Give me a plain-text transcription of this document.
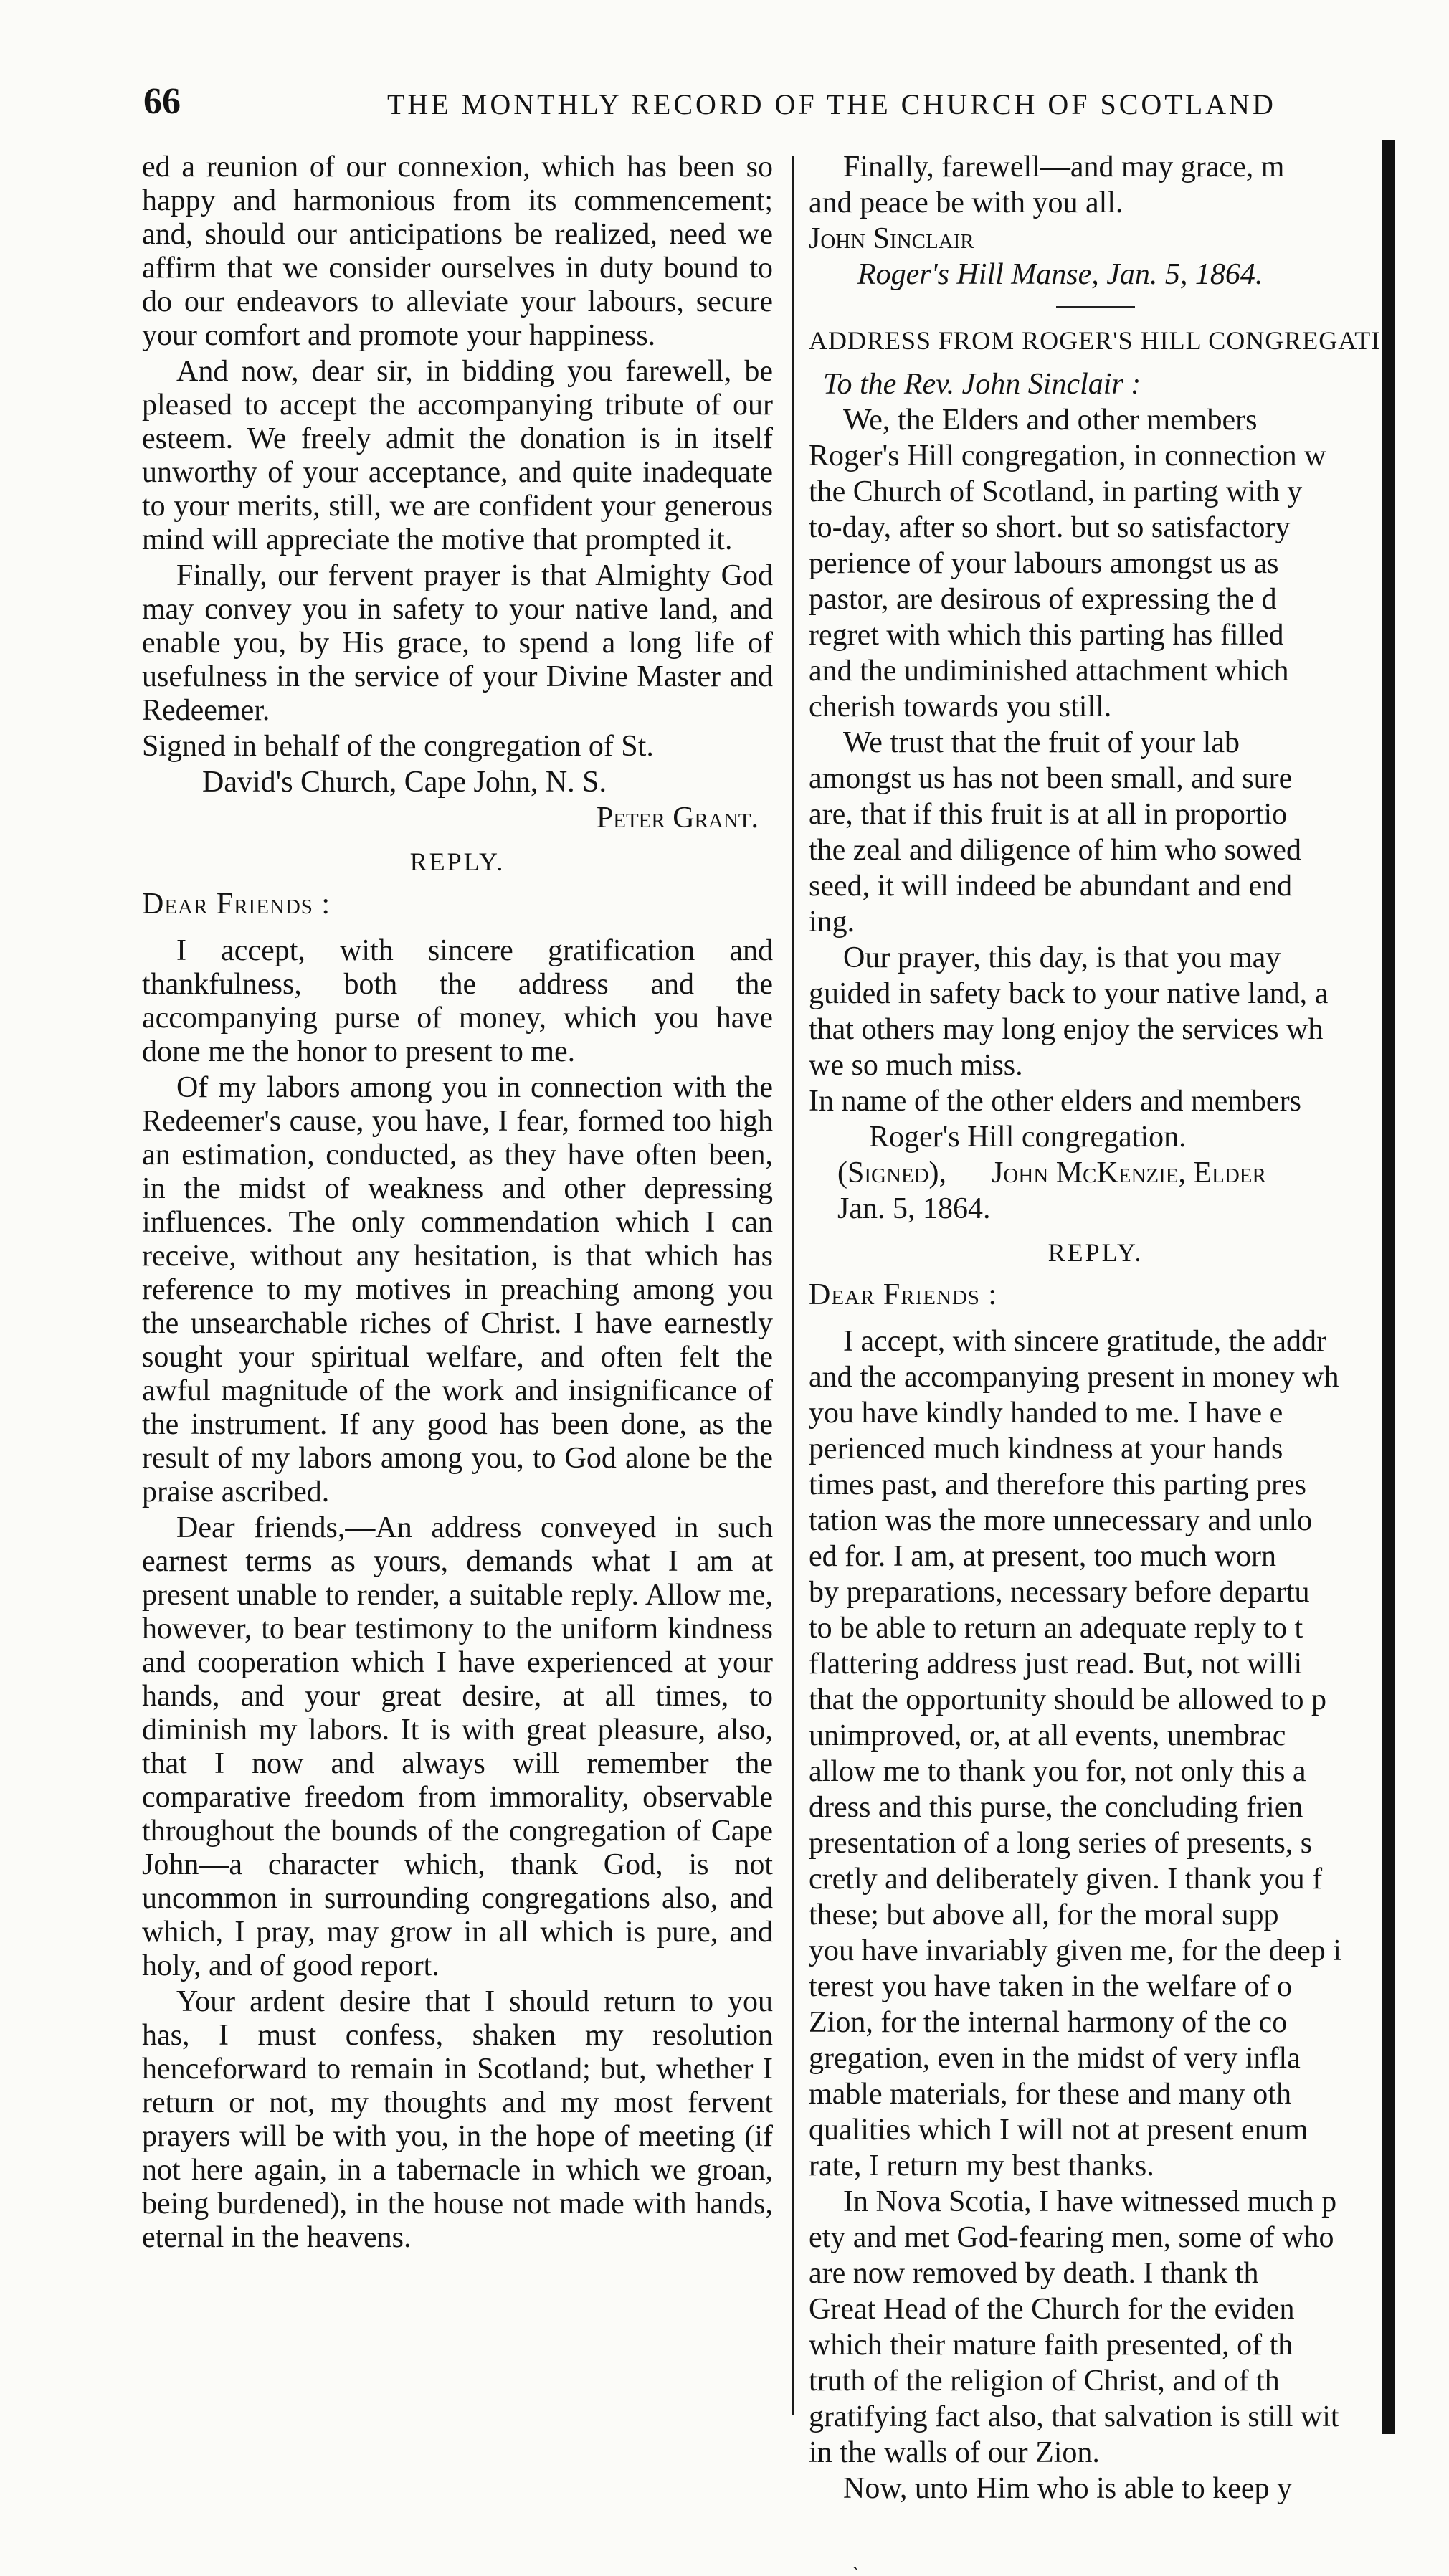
66	THE MONTHLY RECORD OF THE CHURCH OF SCOTLAND

ed a reunion of our connexion, which has been so happy and harmonious from its commencement; and, should our anticipations be realized, need we affirm that we consider ourselves in duty bound to do our endeavors to alleviate your labours, secure your comfort and promote your happiness.

And now, dear sir, in bidding you farewell, be pleased to accept the accompanying tribute of our esteem. We freely admit the donation is in itself unworthy of your acceptance, and quite inadequate to your merits, still, we are confident your generous mind will appreciate the motive that prompted it.

Finally, our fervent prayer is that Almighty God may convey you in safety to your native land, and enable you, by His grace, to spend a long life of usefulness in the service of your Divine Master and Redeemer.

Signed in behalf of the congregation of St.

David's Church, Cape John, N. S.

Peter Grant.

REPLY.

Dear Friends :

I accept, with sincere gratification and thankfulness, both the address and the accompanying purse of money, which you have done me the honor to present to me.

Of my labors among you in connection with the Redeemer's cause, you have, I fear, formed too high an estimation, conducted, as they have often been, in the midst of weakness and other depressing influences. The only commendation which I can receive, without any hesitation, is that which has reference to my motives in preaching among you the unsearchable riches of Christ. I have earnestly sought your spiritual welfare, and often felt the awful magnitude of the work and insignificance of the instrument. If any good has been done, as the result of my labors among you, to God alone be the praise ascribed.

Dear friends,—An address conveyed in such earnest terms as yours, demands what I am at present unable to render, a suitable reply. Allow me, however, to bear testimony to the uniform kindness and cooperation which I have experienced at your hands, and your great desire, at all times, to diminish my labors. It is with great pleasure, also, that I now and always will remember the comparative freedom from immorality, observable throughout the bounds of the congregation of Cape John—a character which, thank God, is not uncommon in surrounding congregations also, and which, I pray, may grow in all which is pure, and holy, and of good report.

Your ardent desire that I should return to you has, I must confess, shaken my resolution henceforward to remain in Scotland; but, whether I return or not, my thoughts and my most fervent prayers will be with you, in the hope of meeting (if not here again, in a tabernacle in which we groan, being burdened), in the house not made with hands, eternal in the heavens.

Finally, farewell—and may grace, m
and peace be with you all.
John Sinclair
Roger's Hill Manse, Jan. 5, 1864.
ADDRESS FROM ROGER'S HILL CONGREGATI
To the Rev. John Sinclair :
We, the Elders and other members
Roger's Hill congregation, in connection w
the Church of Scotland, in parting with y
to-day, after so short. but so satisfactory
perience of your labours amongst us as
pastor, are desirous of expressing the d
regret with which this parting has filled
and the undiminished attachment which
cherish towards you still.
We trust that the fruit of your lab
amongst us has not been small, and sure
are, that if this fruit is at all in proportio
the zeal and diligence of him who sowed
seed, it will indeed be abundant and end
ing.
Our prayer, this day, is that you may
guided in safety back to your native land, a
that others may long enjoy the services wh
we so much miss.
In name of the other elders and members
Roger's Hill congregation.
(Signed),      John McKenzie, Elder
Jan. 5, 1864.
REPLY.
Dear Friends :
I accept, with sincere gratitude, the addr
and the accompanying present in money wh
you have kindly handed to me. I have e
perienced much kindness at your hands
times past, and therefore this parting pres
tation was the more unnecessary and unlo
ed for. I am, at present, too much worn
by preparations, necessary before departu
to be able to return an adequate reply to t
flattering address just read. But, not willi
that the opportunity should be allowed to p
unimproved, or, at all events, unembrac
allow me to thank you for, not only this a
dress and this purse, the concluding frien
presentation of a long series of presents, s
cretly and deliberately given. I thank you f
these; but above all, for the moral supp
you have invariably given me, for the deep i
terest you have taken in the welfare of o
Zion, for the internal harmony of the co
gregation, even in the midst of very infla
mable materials, for these and many oth
qualities which I will not at present enum
rate, I return my best thanks.
In Nova Scotia, I have witnessed much p
ety and met God-fearing men, some of who
are now removed by death. I thank th
Great Head of the Church for the eviden
which their mature faith presented, of th
truth of the religion of Christ, and of th
gratifying fact also, that salvation is still wit
in the walls of our Zion.
Now, unto Him who is able to keep y
ˎ
